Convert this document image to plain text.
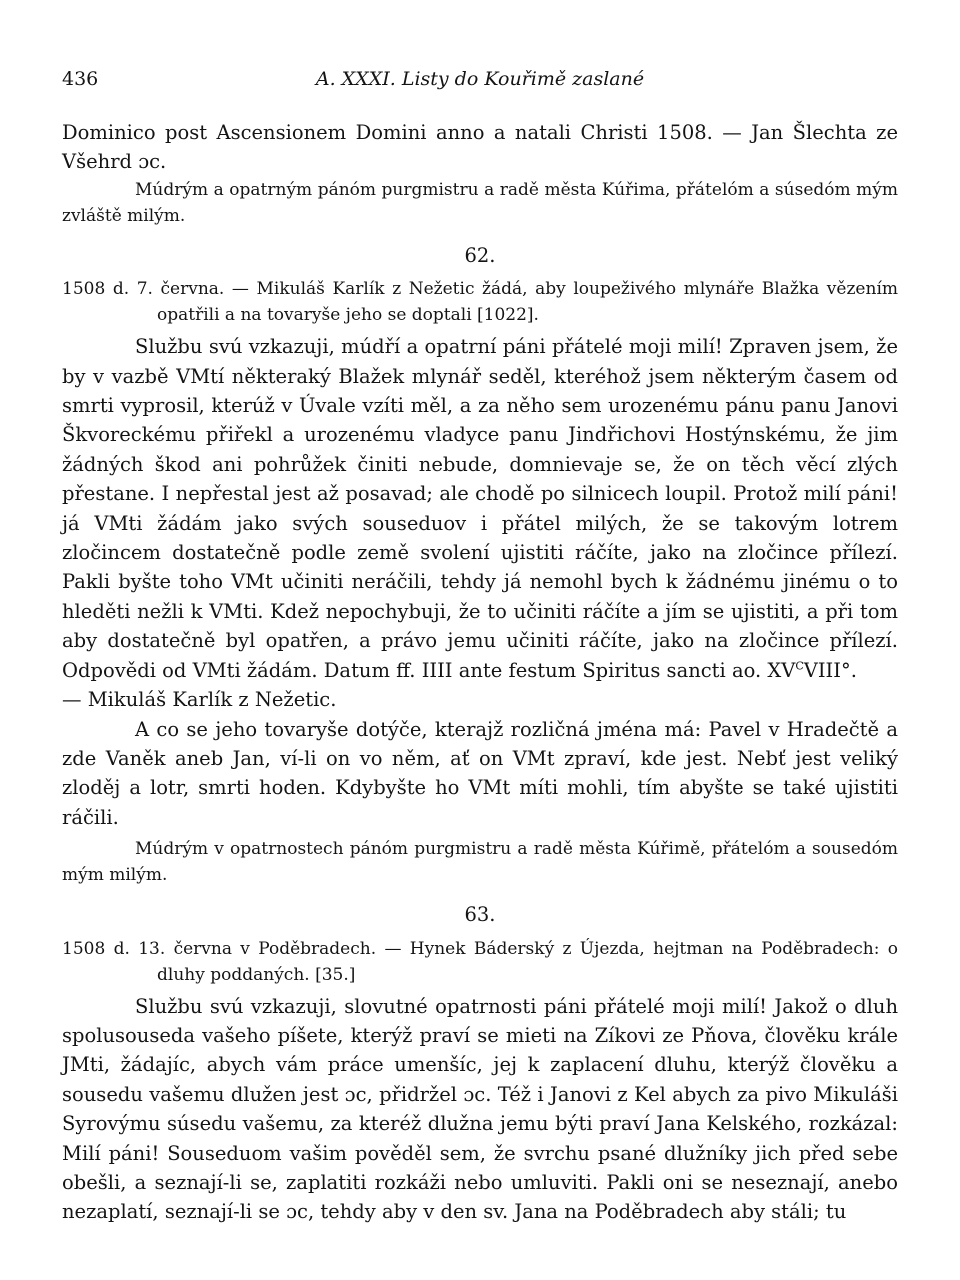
436	A. XXXI. Listy do Kouřimě zaslané

Dominico post Ascensionem Domini anno a natali Christi 1508. — Jan Šlechta ze Všehrd ɔc.

Múdrým a opatrným pánóm purgmistru a radě města Kúřima, přátelóm a súsedóm mým zvláště milým.

62.

1508 d. 7. června. — Mikuláš Karlík z Nežetic žádá, aby loupeživého mlynáře Blažka vězením opatřili a na tovaryše jeho se doptali [1022].

Službu svú vzkazuji, múdří a opatrní páni přátelé moji milí! Zpraven jsem, že by v vazbě VMtí některaký Blažek mlynář seděl, kteréhož jsem některým časem od smrti vyprosil, kterúž v Úvale vzíti měl, a za něho sem urozenému pánu panu Janovi Škvoreckému přiřekl a urozenému vladyce panu Jindřichovi Hostýnskému, že jim žádných škod ani pohrůžek činiti nebude, domnievaje se, že on těch věcí zlých přestane. I nepřestal jest až posavad; ale chodě po silnicech loupil. Protož milí páni! já VMti žádám jako svých souseduov i přátel milých, že se takovým lotrem zločincem dostatečně podle země svolení ujistiti ráčíte, jako na zločince přílezí. Pakli byšte toho VMt učiniti neráčili, tehdy já nemohl bych k žádnému jinému o to hleděti nežli k VMti. Kdež nepochybuji, že to učiniti ráčíte a jím se ujistiti, a při tom aby dostatečně byl opatřen, a právo jemu učiniti ráčíte, jako na zločince přílezí. Odpovědi od VMti žádám. Datum ff. IIII ante festum Spiritus sancti ao. $XV^CVIII^\circ$.
— Mikuláš Karlík z Nežetic.

A co se jeho tovaryše dotýče, kterajž rozličná jména má: Pavel v Hradečtě a zde Vaněk aneb Jan, ví-li on vo něm, ať on VMt zpraví, kde jest. Nebť jest veliký zloděj a lotr, smrti hoden. Kdybyšte ho VMt míti mohli, tím abyšte se také ujistiti ráčili.

Múdrým v opatrnostech pánóm purgmistru a radě města Kúřimě, přátelóm a sousedóm mým milým.

63.

1508 d. 13. června v Poděbradech. — Hynek Báderský z Újezda, hejtman na Poděbradech: o dluhy poddaných. [35.]

Službu svú vzkazuji, slovutné opatrnosti páni přátelé moji milí! Jakož o dluh spolusouseda vašeho píšete, kterýž praví se mieti na Zíkovi ze Pňova, člověku krále JMti, žádajíc, abych vám práce umenšíc, jej k zaplacení dluhu, kterýž člověku a sousedu vašemu dlužen jest ɔc, přidržel ɔc. Též i Janovi z Kel abych za pivo Mikuláši Syrovýmu súsedu vašemu, za kteréž dlužna jemu býti praví Jana Kelského, rozkázal: Milí páni! Souseduom vašim pověděl sem, že svrchu psané dlužníky jich před sebe obešli, a seznají-li se, zaplatiti rozkáži nebo umluviti. Pakli oni se neseznají, anebo nezaplatí, seznají-li se ɔc, tehdy aby v den sv. Jana na Poděbradech aby stáli; tu
